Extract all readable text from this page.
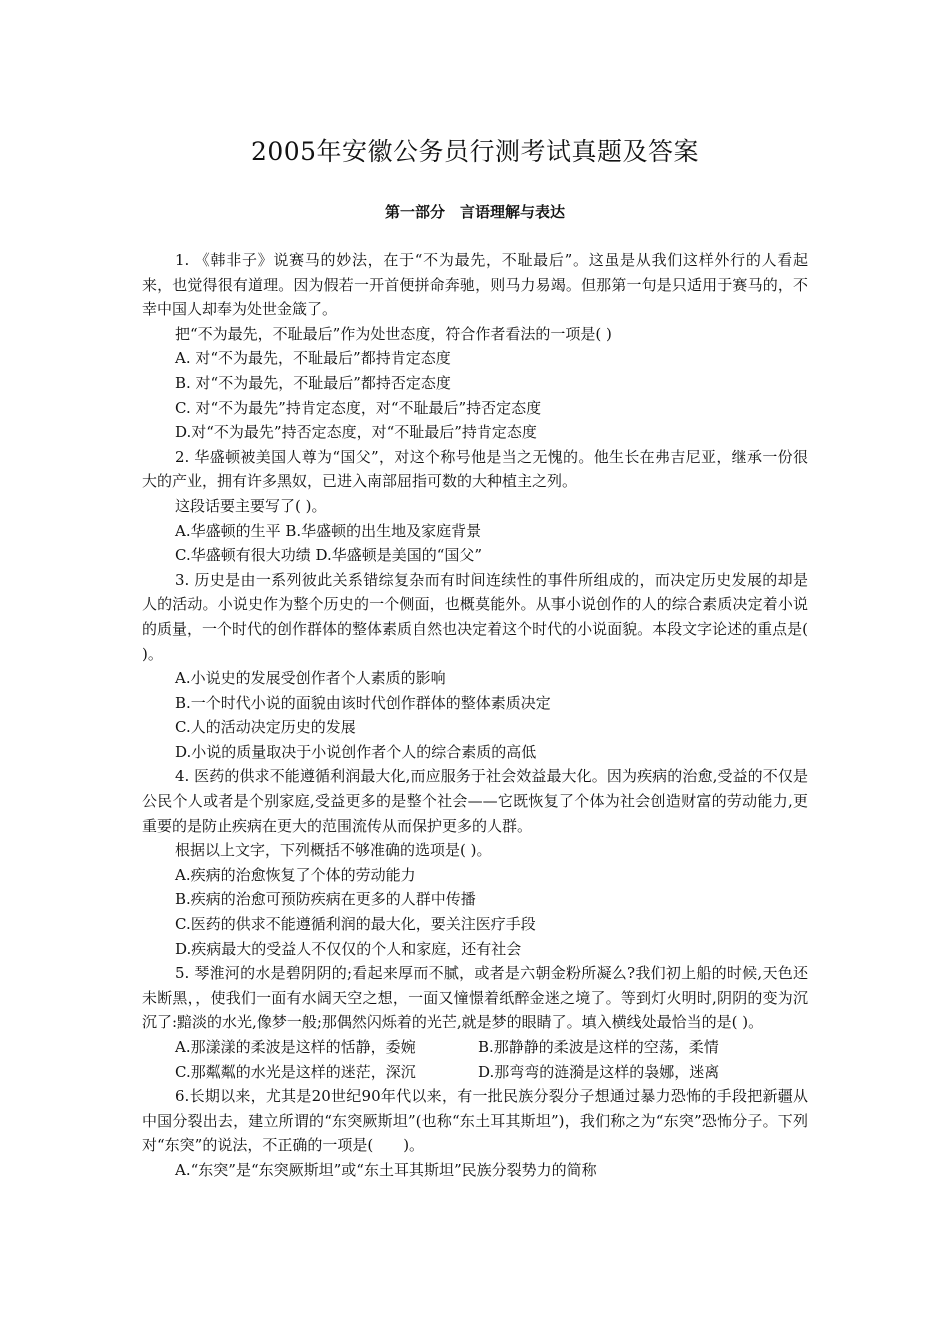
2005年安徽公务员行测考试真题及答案
第一部分　言语理解与表达

1. 《韩非子》说赛马的妙法，在于“不为最先，不耻最后”。这虽是从我们这样外行的人看起来，也觉得很有道理。因为假若一开首便拼命奔驰，则马力易竭。但那第一句是只适用于赛马的，不幸中国人却奉为处世金箴了。

把“不为最先，不耻最后”作为处世态度，符合作者看法的一项是( )

A. 对“不为最先，不耻最后”都持肯定态度

B. 对“不为最先，不耻最后”都持否定态度

C. 对“不为最先”持肯定态度，对“不耻最后”持否定态度

D.对“不为最先”持否定态度，对“不耻最后”持肯定态度

2. 华盛顿被美国人尊为“国父”，对这个称号他是当之无愧的。他生长在弗吉尼亚，继承一份很大的产业，拥有许多黑奴，已进入南部屈指可数的大种植主之列。

这段话要主要写了( )。

A.华盛顿的生平 B.华盛顿的出生地及家庭背景

C.华盛顿有很大功绩 D.华盛顿是美国的“国父”

3. 历史是由一系列彼此关系错综复杂而有时间连续性的事件所组成的，而决定历史发展的却是人的活动。小说史作为整个历史的一个侧面，也概莫能外。从事小说创作的人的综合素质决定着小说的质量，一个时代的创作群体的整体素质自然也决定着这个时代的小说面貌。本段文字论述的重点是( )。

A.小说史的发展受创作者个人素质的影响

B.一个时代小说的面貌由该时代创作群体的整体素质决定

C.人的活动决定历史的发展

D.小说的质量取决于小说创作者个人的综合素质的高低

4. 医药的供求不能遵循利润最大化,而应服务于社会效益最大化。因为疾病的治愈,受益的不仅是公民个人或者是个别家庭,受益更多的是整个社会——它既恢复了个体为社会创造财富的劳动能力,更重要的是防止疾病在更大的范围流传从而保护更多的人群。

根据以上文字，下列概括不够准确的选项是( )。

A.疾病的治愈恢复了个体的劳动能力

B.疾病的治愈可预防疾病在更多的人群中传播

C.医药的供求不能遵循利润的最大化，要关注医疗手段

D.疾病最大的受益人不仅仅的个人和家庭，还有社会

5. 琴淮河的水是碧阴阴的;看起来厚而不腻，或者是六朝金粉所凝么?我们初上船的时候,天色还未断黑，，使我们一面有水阔天空之想，一面又憧憬着纸醉金迷之境了。等到灯火明时,阴阴的变为沉沉了:黯淡的水光,像梦一般;那偶然闪烁着的光芒,就是梦的眼睛了。填入横线处最恰当的是( )。

A.那漾漾的柔波是这样的恬静，委婉	B.那静静的柔波是这样的空荡，柔情
C.那粼粼的水光是这样的迷茫，深沉	D.那弯弯的涟漪是这样的袅娜，迷离

6.长期以来，尤其是20世纪90年代以来，有一批民族分裂分子想通过暴力恐怖的手段把新疆从中国分裂出去，建立所谓的“东突厥斯坦”(也称“东土耳其斯坦”)，我们称之为“东突”恐怖分子。下列对“东突”的说法，不正确的一项是(　　)。

A.“东突”是“东突厥斯坦”或“东土耳其斯坦”民族分裂势力的简称
